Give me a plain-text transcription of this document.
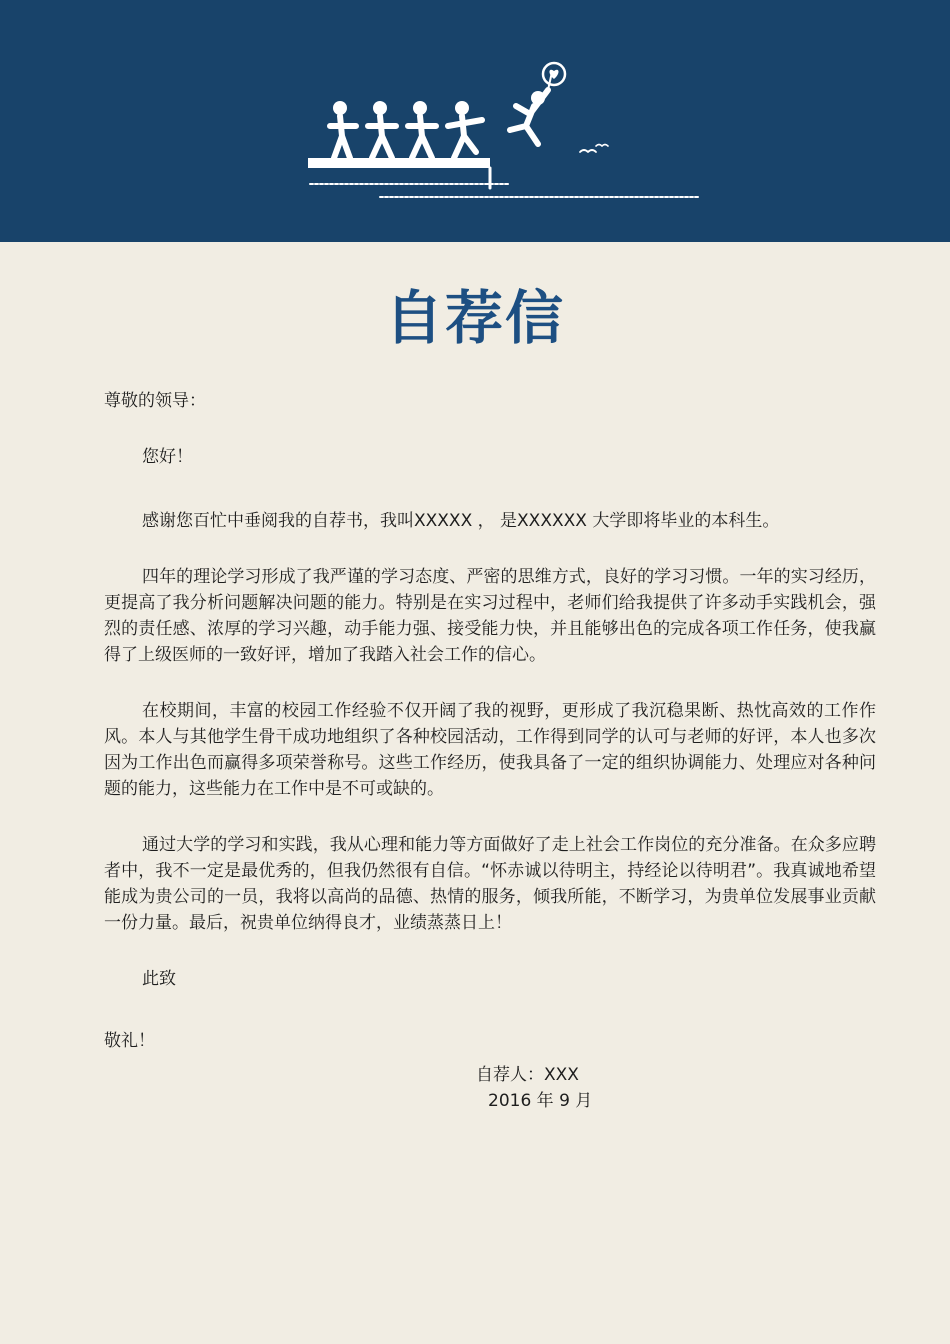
自荐信

尊敬的领导：

您好！

感谢您百忙中垂阅我的自荐书，我叫XXXXX ， 是XXXXXX 大学即将毕业的本科生。

四年的理论学习形成了我严谨的学习态度、严密的思维方式，良好的学习习惯。一年的实习经历，更提高了我分析问题解决问题的能力。特别是在实习过程中，老师们给我提供了许多动手实践机会，强烈的责任感、浓厚的学习兴趣，动手能力强、接受能力快，并且能够出色的完成各项工作任务，使我赢得了上级医师的一致好评，增加了我踏入社会工作的信心。

在校期间，丰富的校园工作经验不仅开阔了我的视野，更形成了我沉稳果断、热忱高效的工作作风。本人与其他学生骨干成功地组织了各种校园活动，工作得到同学的认可与老师的好评，本人也多次因为工作出色而赢得多项荣誉称号。这些工作经历，使我具备了一定的组织协调能力、处理应对各种问题的能力，这些能力在工作中是不可或缺的。

通过大学的学习和实践，我从心理和能力等方面做好了走上社会工作岗位的充分准备。在众多应聘者中，我不一定是最优秀的，但我仍然很有自信。“怀赤诚以待明主，持经论以待明君”。我真诚地希望能成为贵公司的一员，我将以高尚的品德、热情的服务，倾我所能，不断学习，为贵单位发展事业贡献一份力量。最后，祝贵单位纳得良才，业绩蒸蒸日上！

此致

敬礼！

自荐人：XXX

2016 年 9 月
